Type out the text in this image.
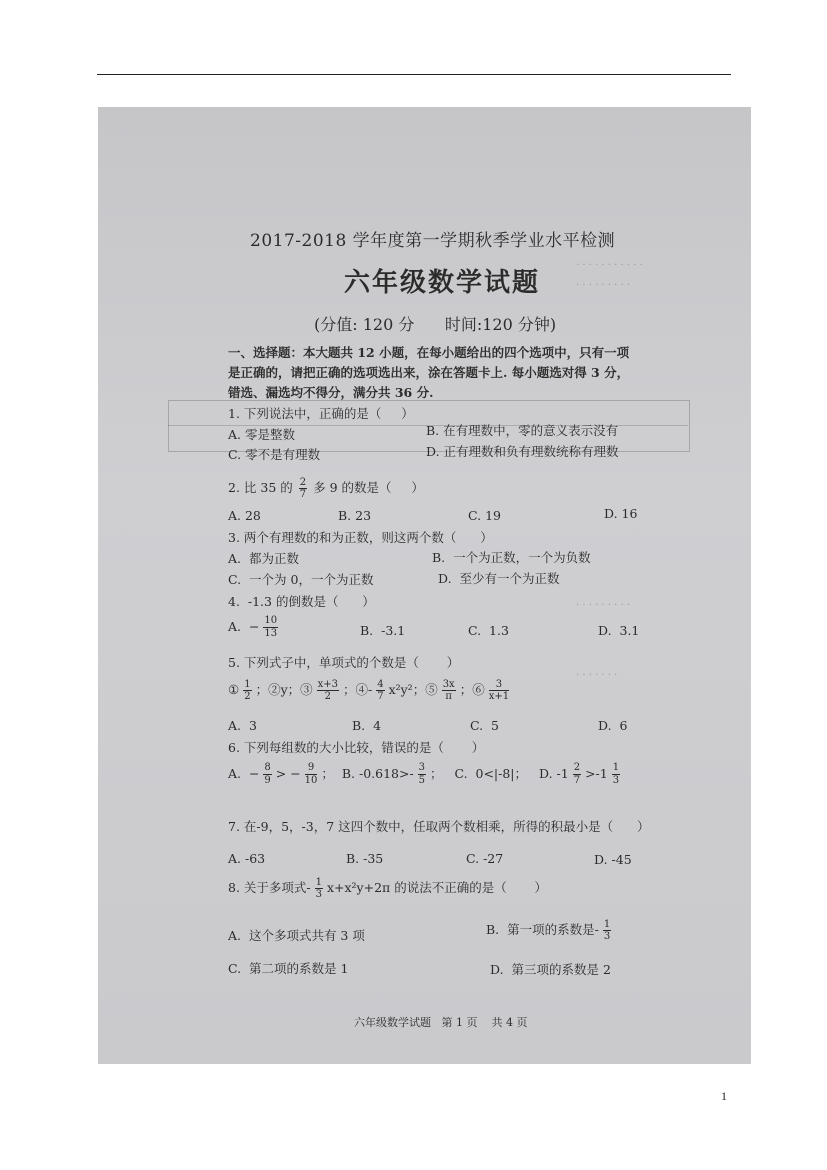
. . . . . . . . . . .
. . . . . . . . .
. . . . . . . . .
. . . . . . .
2017-2018 学年度第一学期秋季学业水平检测
六年级数学试题
(分值: 120 分      时间:120 分钟)
一、选择题：本大题共 12 小题，在每小题给出的四个选项中，只有一项
是正确的，请把正确的选项选出来，涂在答题卡上. 每小题选对得 3 分，
错选、漏选均不得分，满分共 36 分.
1. 下列说法中，正确的是（     ）
A. 零是整数	B. 在有理数中，零的意义表示没有
C. 零不是有理数	D. 正有理数和负有理数统称有理数
2. 比 35 的 $\frac{2}{7}$ 多 9 的数是（     ）
A. 28	B. 23	C. 19	D. 16
3. 两个有理数的和为正数，则这两个数（      ）
A.  都为正数	B.  一个为正数，一个为负数
C.  一个为 0，一个为正数	D.  至少有一个为正数
4.  -1.3 的倒数是（      ）
A.  − $\frac{10}{13}$	B.  -3.1	C.  1.3	D.  3.1
5. 下列式子中，单项式的个数是（       ）
① $\frac{1}{2}$ ；②y；③ $\frac{x+3}{2}$ ；④- $\frac{4}{7} x^2y^2$；⑤ $\frac{3x}{\pi}$ ；⑥ $\frac{3}{x+1}$
A.  3	B.  4	C.  5	D.  6
6. 下列每组数的大小比较，错误的是（       ）
A.  − $\frac{8}{9}$ > − $\frac{9}{10}$ ；  B. $-0.618>- \frac{3}{5}$ ；   C.  0<|-8|； D. $-1 \frac{2}{7} >-1 \frac{1}{3}$
7. 在-9，5，-3，7 这四个数中，任取两个数相乘，所得的积最小是（      ）
A. -63	B. -35	C. -27	D. -45
8. 关于多项式- $\frac{1}{3} x+x^2y+2\pi$ 的说法不正确的是（       ）
A.  这个多项式共有 3 项	B.  第一项的系数是- $\frac{1}{3}$
C.  第二项的系数是 1	D.  第三项的系数是 2
六年级数学试题   第 1 页    共 4 页
1
